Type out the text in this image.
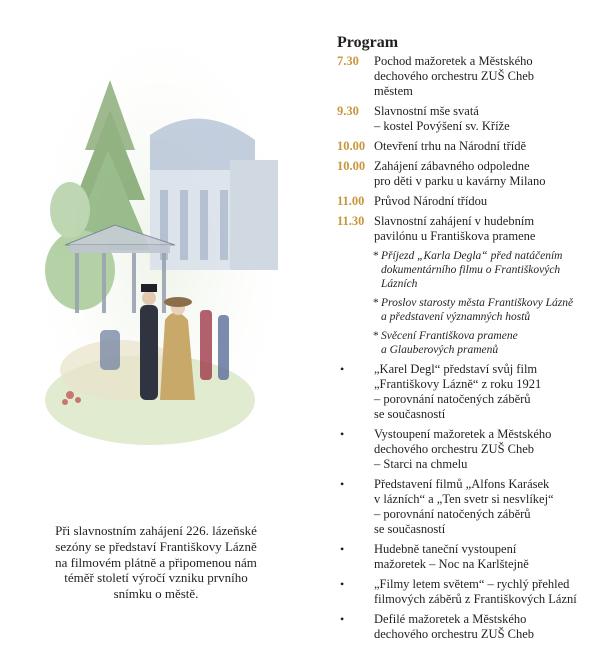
Při slavnostním zahájení 226. lázeňské
sezóny se představí Františkovy Lázně
na filmovém plátně a připomenou nám
téměř století výročí vzniku prvního
snímku o městě.
Program
7.30 Pochod mažoretek a Městského
dechového orchestru ZUŠ Cheb
městem
9.30 Slavnostní mše svatá
– kostel Povýšení sv. Kříže
10.00 Otevření trhu na Národní třídě
10.00 Zahájení zábavného odpoledne
pro děti v parku u kavárny Milano
11.00 Průvod Národní třídou
11.30 Slavnostní zahájení v hudebním
pavilónu u Františkova pramene
* Příjezd „Karla Degla“ před natáčením
dokumentárního filmu o Františkových
Lázních
* Proslov starosty města Františkovy Lázně
a představení významných hostů
* Svěcení Františkova pramene
a Glauberových pramenů
• „Karel Degl“ představí svůj film
„Františkovy Lázně“ z roku 1921
– porovnání natočených záběrů
se současností
• Vystoupení mažoretek a Městského
dechového orchestru ZUŠ Cheb
– Starci na chmelu
• Představení filmů „Alfons Karásek
v lázních“ a „Ten svetr si nesvlíkej“
– porovnání natočených záběrů
se současností
• Hudebně taneční vystoupení
mažoretek – Noc na Karlštejně
• „Filmy letem světem“ – rychlý přehled
filmových záběrů z Františkových Lázní
• Defilé mažoretek a Městského
dechového orchestru ZUŠ Cheb
